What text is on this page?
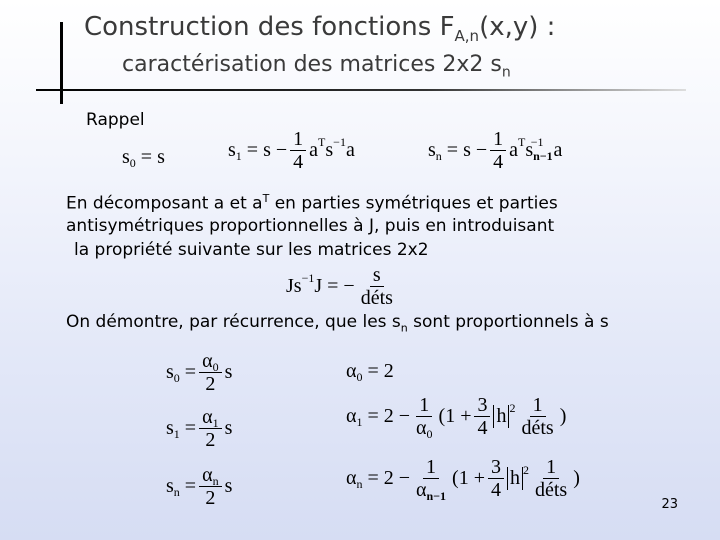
Construction des fonctions $F_{A,n}(x,y)$ :
caractérisation des matrices 2x2 $s_n$
Rappel
s 0 = s	s $1 = s - \frac{1}{4}$ a T s −1 a	s $n = s - \frac{1}{4}$ a T s n−1
−1 a
En décomposant a et $a^T$ en parties symétriques et parties
antisymétriques proportionnelles à J, puis en introduisant
la propriété suivante sur les matrices 2x2
Js −1 J = − $\frac{s}{\text{déts}}$
On démontre, par récurrence, que les $s_n$ sont proportionnels à s
s $0 = \frac{\alpha_0}{2}$ s
s $1 = \frac{\alpha_1}{2}$ s
s $n = \frac{\alpha_n}{2}$ s
α 0 = 2
α $1 = 2 - \frac{1}{\alpha_0} (1 + \frac{3}{4}$ h $2 \frac{1}{\text{déts}}$ )
α $n = 2 - \frac{1}{\alpha_{n-1}} (1 + \frac{3}{4}$ h $2 \frac{1}{\text{déts}}$ )
23
